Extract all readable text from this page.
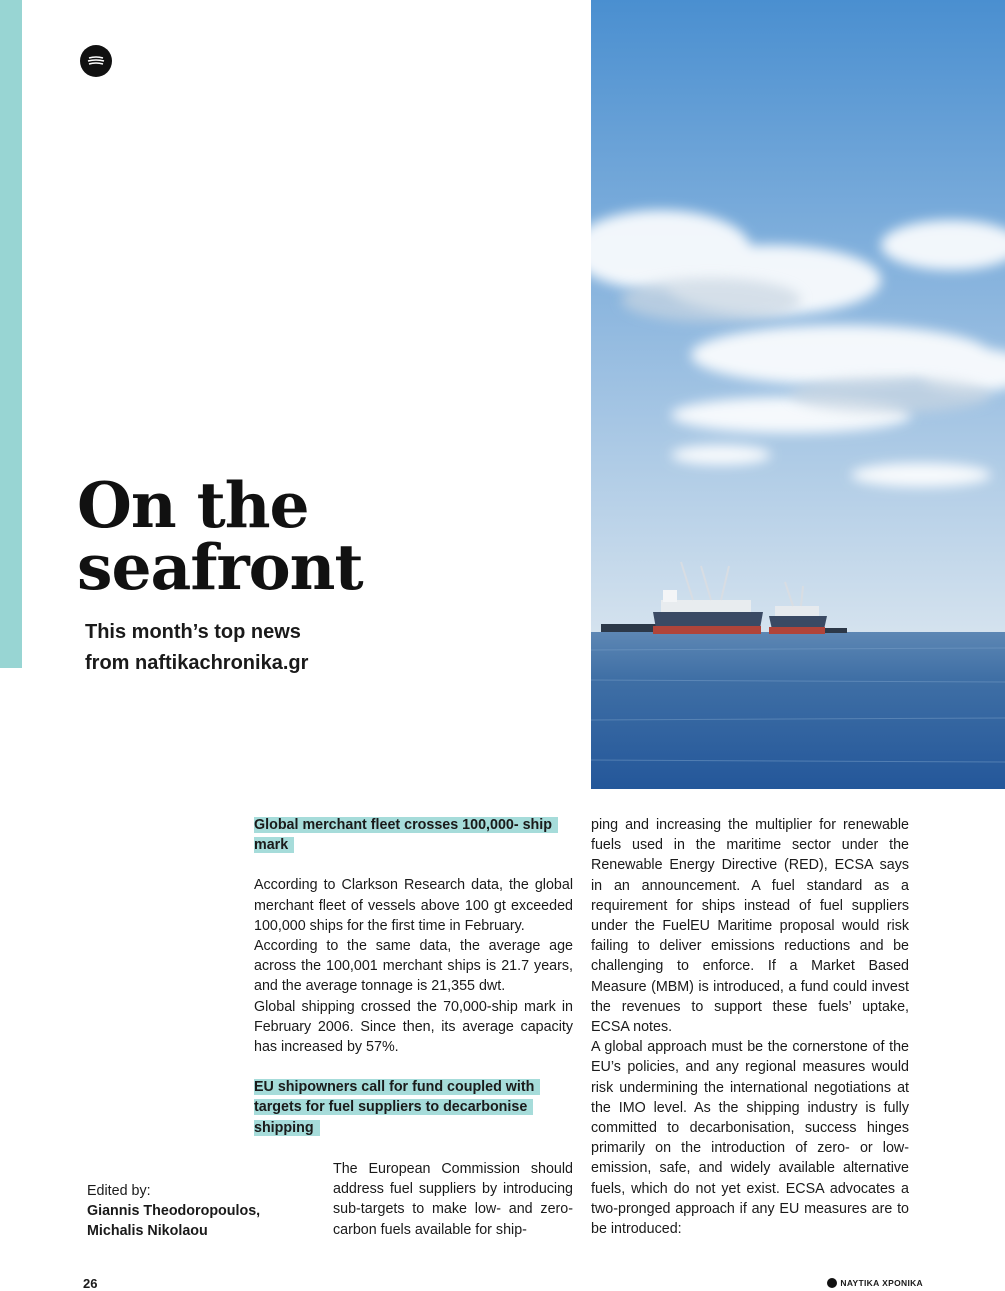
On the
seafront
This month’s top news
from naftikachronika.gr
Global merchant fleet crosses 100,000- ship mark

According to Clarkson Research data, the global merchant fleet of vessels above 100 gt exceeded 100,000 ships for the first time in February.

According to the same data, the average age across the 100,001 merchant ships is 21.7 years, and the average tonnage is 21,355 dwt.

Global shipping crossed the 70,000-ship mark in February 2006. Since then, its average capacity has increased by 57%.

EU shipowners call for fund coupled with targets for fuel suppliers to decarbonise shipping

The European Commission should address fuel suppliers by introducing sub-targets to make low- and zero-carbon fuels available for ship-

ping and increasing the multiplier for renewable fuels used in the maritime sector under the Renewable Energy Directive (RED), ECSA says in an announcement. A fuel standard as a requirement for ships instead of fuel suppliers under the FuelEU Maritime proposal would risk failing to deliver emissions reductions and be challenging to enforce. If a Market Based Measure (MBM) is introduced, a fund could invest the revenues to support these fuels’ uptake, ECSA notes.

A global approach must be the cornerstone of the EU’s policies, and any regional measures would risk undermining the international negotiations at the IMO level. As the shipping industry is fully committed to decarbonisation, success hinges primarily on the introduction of zero- or low-emission, safe, and widely available alternative fuels, which do not yet exist. ECSA advocates a two-pronged approach if any EU measures are to be introduced:

Edited by:
Giannis Theodoropoulos,
Michalis Nikolaou
26	ΝΑΥΤΙΚΑ ΧΡΟΝΙΚΑ
